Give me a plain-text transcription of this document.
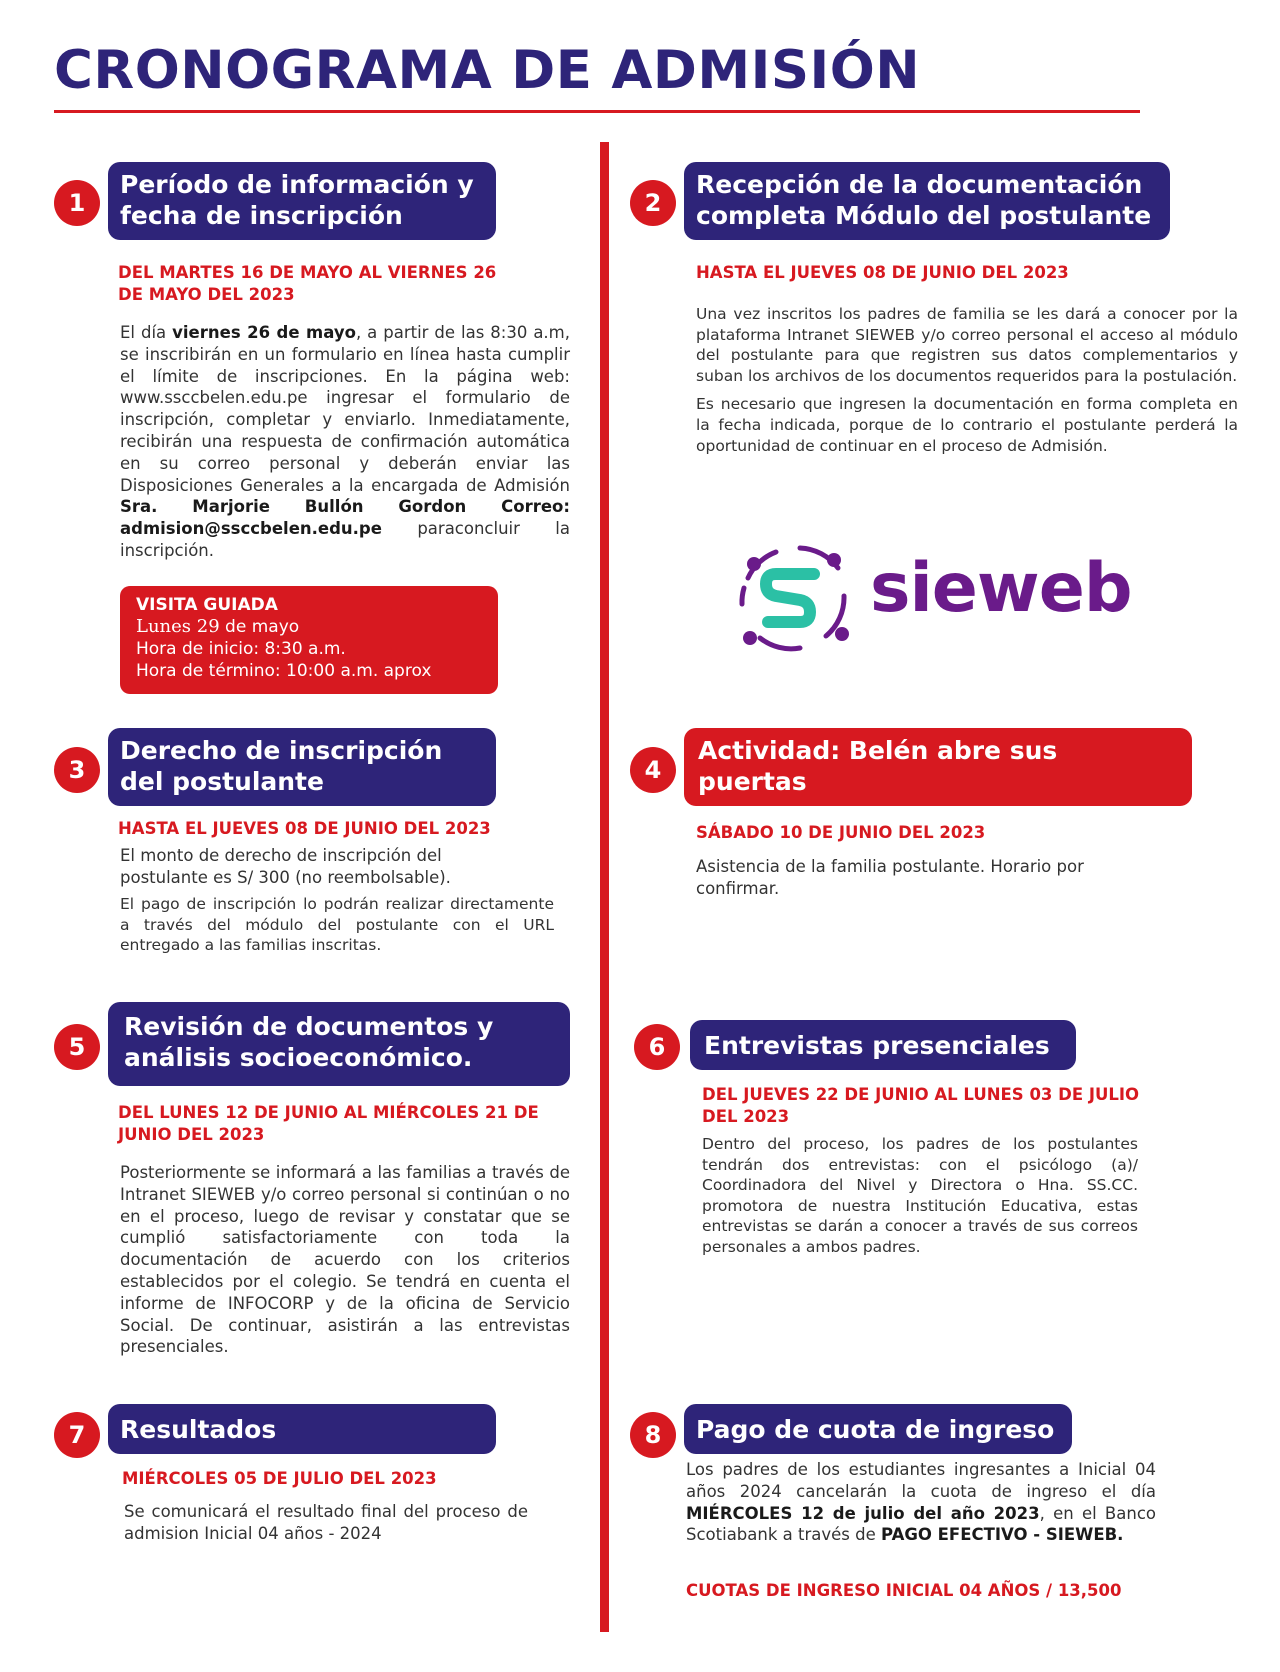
CRONOGRAMA DE ADMISIÓN
1
Período de información y
fecha de inscripción
DEL MARTES 16 DE MAYO AL VIERNES 26
DE MAYO DEL 2023
El día viernes 26 de mayo, a partir de las 8:30 a.m, se inscribirán en un formulario en línea hasta cumplir el límite de inscripciones. En la página web: www.ssccbelen.edu.pe ingresar el formulario de inscripción, completar y enviarlo. Inmediatamente, recibirán una respuesta de confirmación automática en su correo personal y deberán enviar las Disposiciones Generales a la encargada de Admisión Sra. Marjorie Bullón Gordon Correo: admision@ssccbelen.edu.pe paraconcluir la inscripción.
VISITA GUIADA
Lunes 29 de mayo
Hora de inicio: 8:30 a.m.
Hora de término: 10:00 a.m. aprox
2
Recepción de la documentación
completa Módulo del postulante
HASTA EL JUEVES 08 DE JUNIO DEL 2023

Una vez inscritos los padres de familia se les dará a conocer por la plataforma Intranet SIEWEB y/o correo personal el acceso al módulo del postulante para que registren sus datos complementarios y suban los archivos de los documentos requeridos para la postulación.

Es necesario que ingresen la documentación en forma completa en la fecha indicada, porque de lo contrario el postulante perderá la oportunidad de continuar en el proceso de Admisión.

sieweb
3
Derecho de inscripción
del postulante
HASTA EL JUEVES 08 DE JUNIO DEL 2023
El monto de derecho de inscripción del postulante es S/ 300 (no reembolsable).
El pago de inscripción lo podrán realizar directamente a través del módulo del postulante con el URL entregado a las familias inscritas.
4
Actividad: Belén abre sus
puertas
SÁBADO 10 DE JUNIO DEL 2023
Asistencia de la familia postulante. Horario por confirmar.
5
Revisión de documentos y
análisis socioeconómico.
DEL LUNES 12 DE JUNIO AL MIÉRCOLES 21 DE
JUNIO DEL 2023
Posteriormente se informará a las familias a través de Intranet SIEWEB y/o correo personal si continúan o no en el proceso, luego de revisar y constatar que se cumplió satisfactoriamente con toda la documentación de acuerdo con los criterios establecidos por el colegio. Se tendrá en cuenta el informe de INFOCORP y de la oficina de Servicio Social. De continuar, asistirán a las entrevistas presenciales.
6	Entrevistas presenciales
DEL JUEVES 22 DE JUNIO AL LUNES 03 DE JULIO
DEL 2023
Dentro del proceso, los padres de los postulantes tendrán dos entrevistas: con el psicólogo (a)/ Coordinadora del Nivel y Directora o Hna. SS.CC. promotora de nuestra Institución Educativa, estas entrevistas se darán a conocer a través de sus correos personales a ambos padres.
7	Resultados
MIÉRCOLES 05 DE JULIO DEL 2023
Se comunicará el resultado final del proceso de admision Inicial 04 años - 2024
8	Pago de cuota de ingreso
Los padres de los estudiantes ingresantes a Inicial 04 años 2024 cancelarán la cuota de ingreso el día MIÉRCOLES 12 de julio del año 2023, en el Banco Scotiabank a través de PAGO EFECTIVO - SIEWEB.
CUOTAS DE INGRESO INICIAL 04 AÑOS / 13,500
